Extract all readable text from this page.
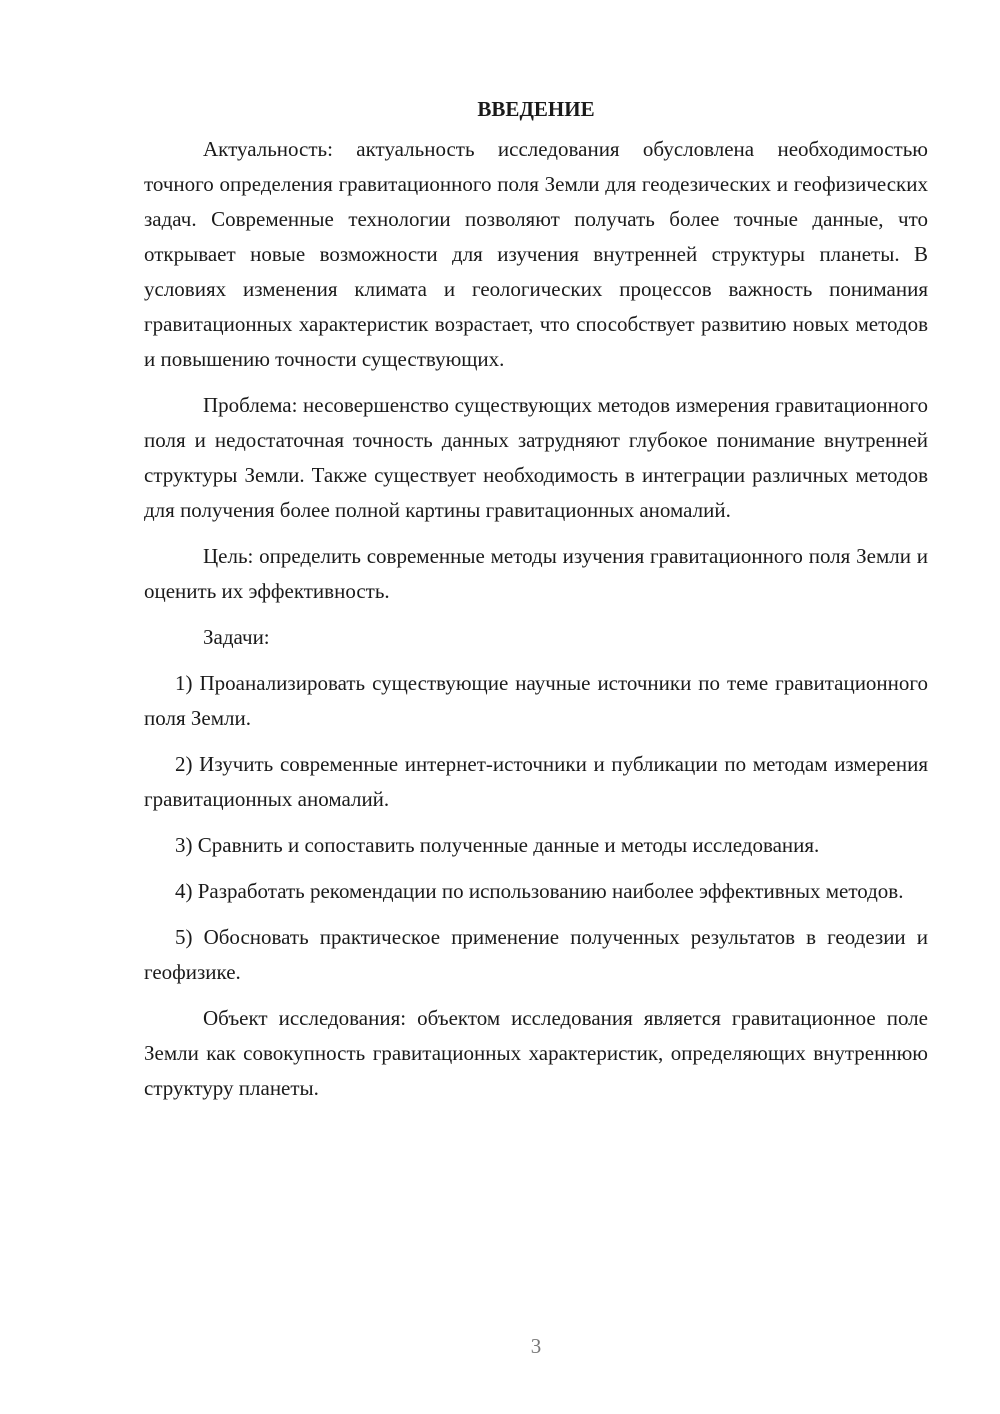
ВВЕДЕНИЕ

Актуальность: актуальность исследования обусловлена необходимостью точного определения гравитационного поля Земли для геодезических и геофизических задач. Современные технологии позволяют получать более точные данные, что открывает новые возможности для изучения внутренней структуры планеты. В условиях изменения климата и геологических процессов важность понимания гравитационных характеристик возрастает, что способствует развитию новых методов и повышению точности существующих.

Проблема: несовершенство существующих методов измерения гравитационного поля и недостаточная точность данных затрудняют глубокое понимание внутренней структуры Земли. Также существует необходимость в интеграции различных методов для получения более полной картины гравитационных аномалий.

Цель: определить современные методы изучения гравитационного поля Земли и оценить их эффективность.

Задачи:

1) Проанализировать существующие научные источники по теме гравитационного поля Земли.

2) Изучить современные интернет-источники и публикации по методам измерения гравитационных аномалий.

3) Сравнить и сопоставить полученные данные и методы исследования.

4) Разработать рекомендации по использованию наиболее эффективных методов.

5) Обосновать практическое применение полученных результатов в геодезии и геофизике.

Объект исследования: объектом исследования является гравитационное поле Земли как совокупность гравитационных характеристик, определяющих внутреннюю структуру планеты.

3
